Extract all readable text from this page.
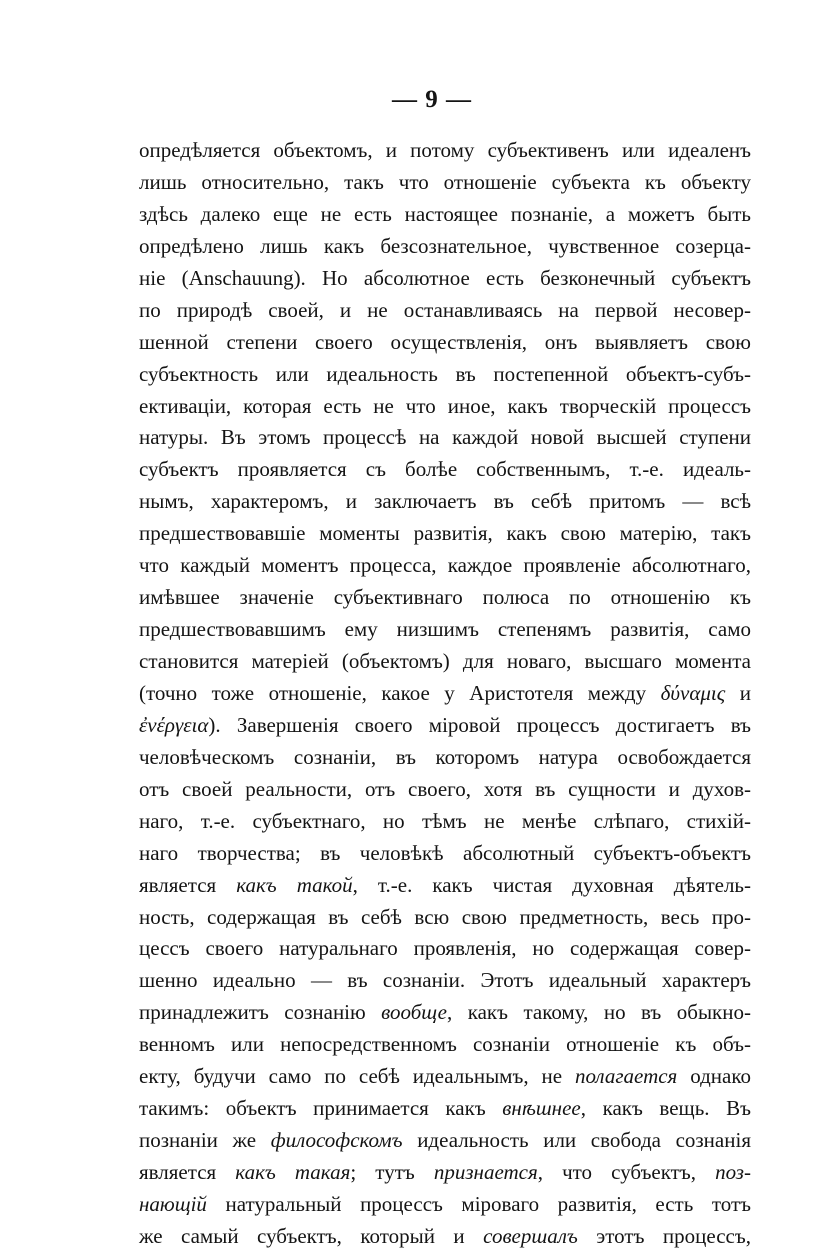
— 9 —
опредѣляется объектомъ, и потому субъективенъ или идеаленъ
лишь относительно, такъ что отношеніе субъекта къ объекту
здѣсь далеко еще не есть настоящее познаніе, а можетъ быть
опредѣлено лишь какъ безсознательное, чувственное созерца-
ніе (Anschauung). Но абсолютное есть безконечный субъектъ
по природѣ своей, и не останавливаясь на первой несовер-
шенной степени своего осуществленія, онъ выявляетъ свою
субъектность или идеальность въ постепенной объектъ-субъ-
ективаціи, которая есть не что иное, какъ творческій процессъ
натуры. Въ этомъ процессѣ на каждой новой высшей ступени
субъектъ проявляется съ болѣе собственнымъ, т.-е. идеаль-
нымъ, характеромъ, и заключаетъ въ себѣ притомъ — всѣ
предшествовавшіе моменты развитія, какъ свою матерію, такъ
что каждый моментъ процесса, каждое проявленіе абсолютнаго,
имѣвшее значеніе субъективнаго полюса по отношенію къ
предшествовавшимъ ему низшимъ степенямъ развитія, само
становится матеріей (объектомъ) для новаго, высшаго момента
(точно тоже отношеніе, какое у Аристотеля между δύναμις и
ἐνέργεια). Завершенія своего міровой процессъ достигаетъ въ
человѣческомъ сознаніи, въ которомъ натура освобождается
отъ своей реальности, отъ своего, хотя въ сущности и духов-
наго, т.-е. субъектнаго, но тѣмъ не менѣе слѣпаго, стихій-
наго творчества; въ человѣкѣ абсолютный субъектъ-объектъ
является какъ такой, т.-е. какъ чистая духовная дѣятель-
ность, содержащая въ себѣ всю свою предметность, весь про-
цессъ своего натуральнаго проявленія, но содержащая совер-
шенно идеально — въ сознаніи. Этотъ идеальный характеръ
принадлежитъ сознанію вообще, какъ такому, но въ обыкно-
венномъ или непосредственномъ сознаніи отношеніе къ объ-
екту, будучи само по себѣ идеальнымъ, не полагается однако
такимъ: объектъ принимается какъ внѣшнее, какъ вещь. Въ
познаніи же философскомъ идеальность или свобода сознанія
является какъ такая; тутъ признается, что субъектъ, поз-
нающій натуральный процессъ міроваго развитія, есть тотъ
же самый субъектъ, который и совершалъ этотъ процессъ,
